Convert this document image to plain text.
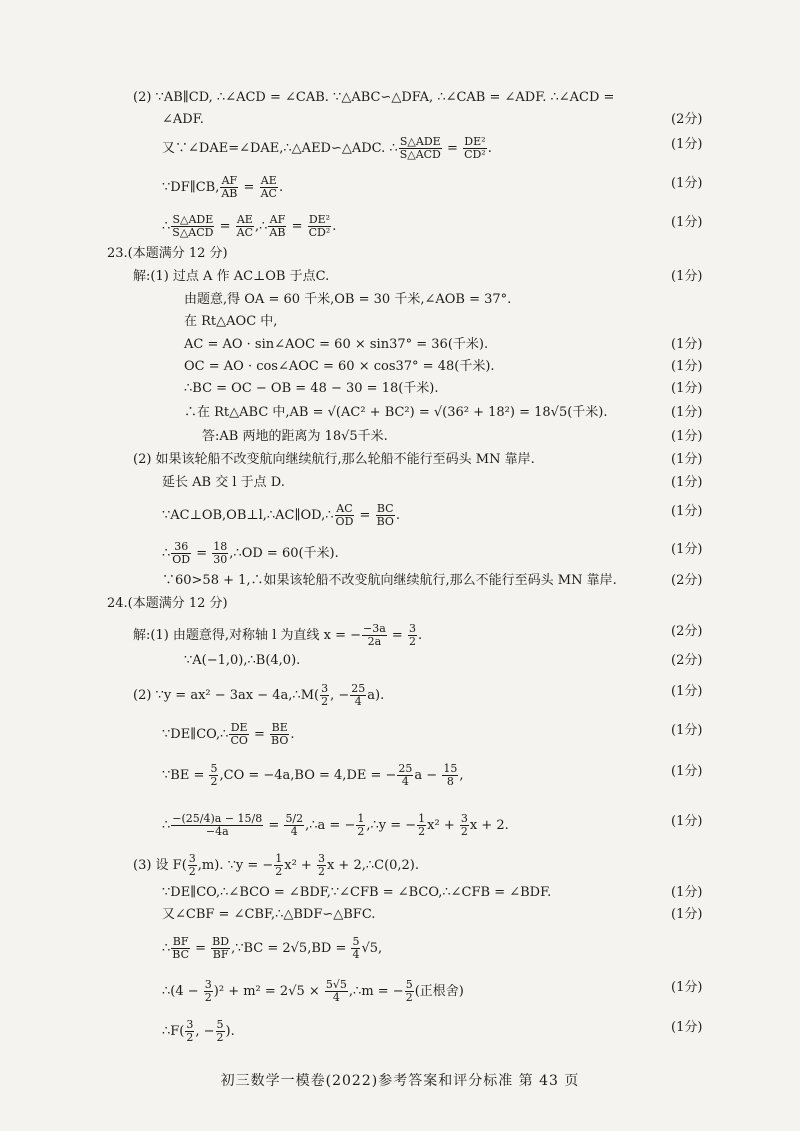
(2) ∵AB∥CD, ∴∠ACD = ∠CAB. ∵△ABC∽△DFA, ∴∠CAB = ∠ADF. ∴∠ACD =
∠ADF.	(2分)
又∵∠DAE=∠DAE,∴△AED∽△ADC. ∴ $\frac{\text{S△ADE}}{\text{S△ACD}} = \frac{\text{DE²}}{\text{CD²}}$ .	(1分)
∵DF∥CB, $\frac{AF}{AB} = \frac{AE}{AC}$ .	(1分)
∴ $\frac{\text{S△ADE}}{\text{S△ACD}} = \frac{AE}{AC}$ ,∴ $\frac{AF}{AB} = \frac{\text{DE²}}{\text{CD²}}$ .	(1分)
23.(本题满分 12 分)
解:(1) 过点 A 作 AC⊥OB 于点C.	(1分)
由题意,得 OA = 60 千米,OB = 30 千米,∠AOB = 37°.
在 Rt△AOC 中,
AC = AO · sin∠AOC = 60 × sin37° = 36(千米).	(1分)
OC = AO · cos∠AOC = 60 × cos37° = 48(千米).	(1分)
∴BC = OC − OB = 48 − 30 = 18(千米).	(1分)
∴在 Rt△ABC 中,AB = √(AC² + BC²) = √(36² + 18²) = 18√5(千米).	(1分)
答:AB 两地的距离为 18√5千米.	(1分)
(2) 如果该轮船不改变航向继续航行,那么轮船不能行至码头 MN 靠岸.	(1分)
延长 AB 交 l 于点 D.	(1分)
∵AC⊥OB,OB⊥l,∴AC∥OD,∴ $\frac{AC}{OD} = \frac{BC}{BO}$ .	(1分)
∴ $\frac{36}{OD} = \frac{18}{30}$ ,∴OD = 60(千米).	(1分)
∵60>58 + 1,∴如果该轮船不改变航向继续航行,那么不能行至码头 MN 靠岸.	(2分)
24.(本题满分 12 分)
解:(1) 由题意得,对称轴 l 为直线 x = − $\frac{-3a}{2a} = \frac{3}{2}$ .	(2分)
∵A(−1,0),∴B(4,0).	(2分)
(2) ∵y = ax² − 3ax − 4a,∴M( $\frac{3}{2}$ , − $\frac{25}{4} a$).	(1分)
∵DE∥CO,∴ $\frac{DE}{CO} = \frac{BE}{BO}$ .	(1分)
∵BE = $\frac{5}{2} ,CO = -4a,BO = 4,DE$ = − $\frac{25}{4}$ $a - \frac{15}{8}$ ,	(1分)
∴ $\frac{-(25/4)a - 15/8}{-4a} = \frac{5/2}{4}$ ,∴a = − $\frac{1}{2}$ ,∴y = − $\frac{1}{2} x^2 + \frac{3}{2}$ x + 2.	(1分)
(3) 设 $F( \frac{3}{2} ,m)$. ∵y = − $\frac{1}{2} x^2 + \frac{3}{2}$ x + 2,∴C(0,2).
∵DE∥CO,∴∠BCO = ∠BDF,∵∠CFB = ∠BCO,∴∠CFB = ∠BDF.	(1分)
又∠CBF = ∠CBF,∴△BDF∽△BFC.	(1分)
∴ $\frac{BF}{BC} = \frac{BD}{BF}$ ,∵BC = $2√5,BD = \frac{5}{4} √5$,
∴(4 − $\frac{3}{2} )^2 + m^2 = 2√5 \times \frac{5√5}{4}$ ,∴m = − $\frac{5}{2}$ (正根舍)	(1分)
∴F( $\frac{3}{2}$ , − $\frac{5}{2}$ ).	(1分)
初三数学一模卷(2022)参考答案和评分标准 第 43 页
